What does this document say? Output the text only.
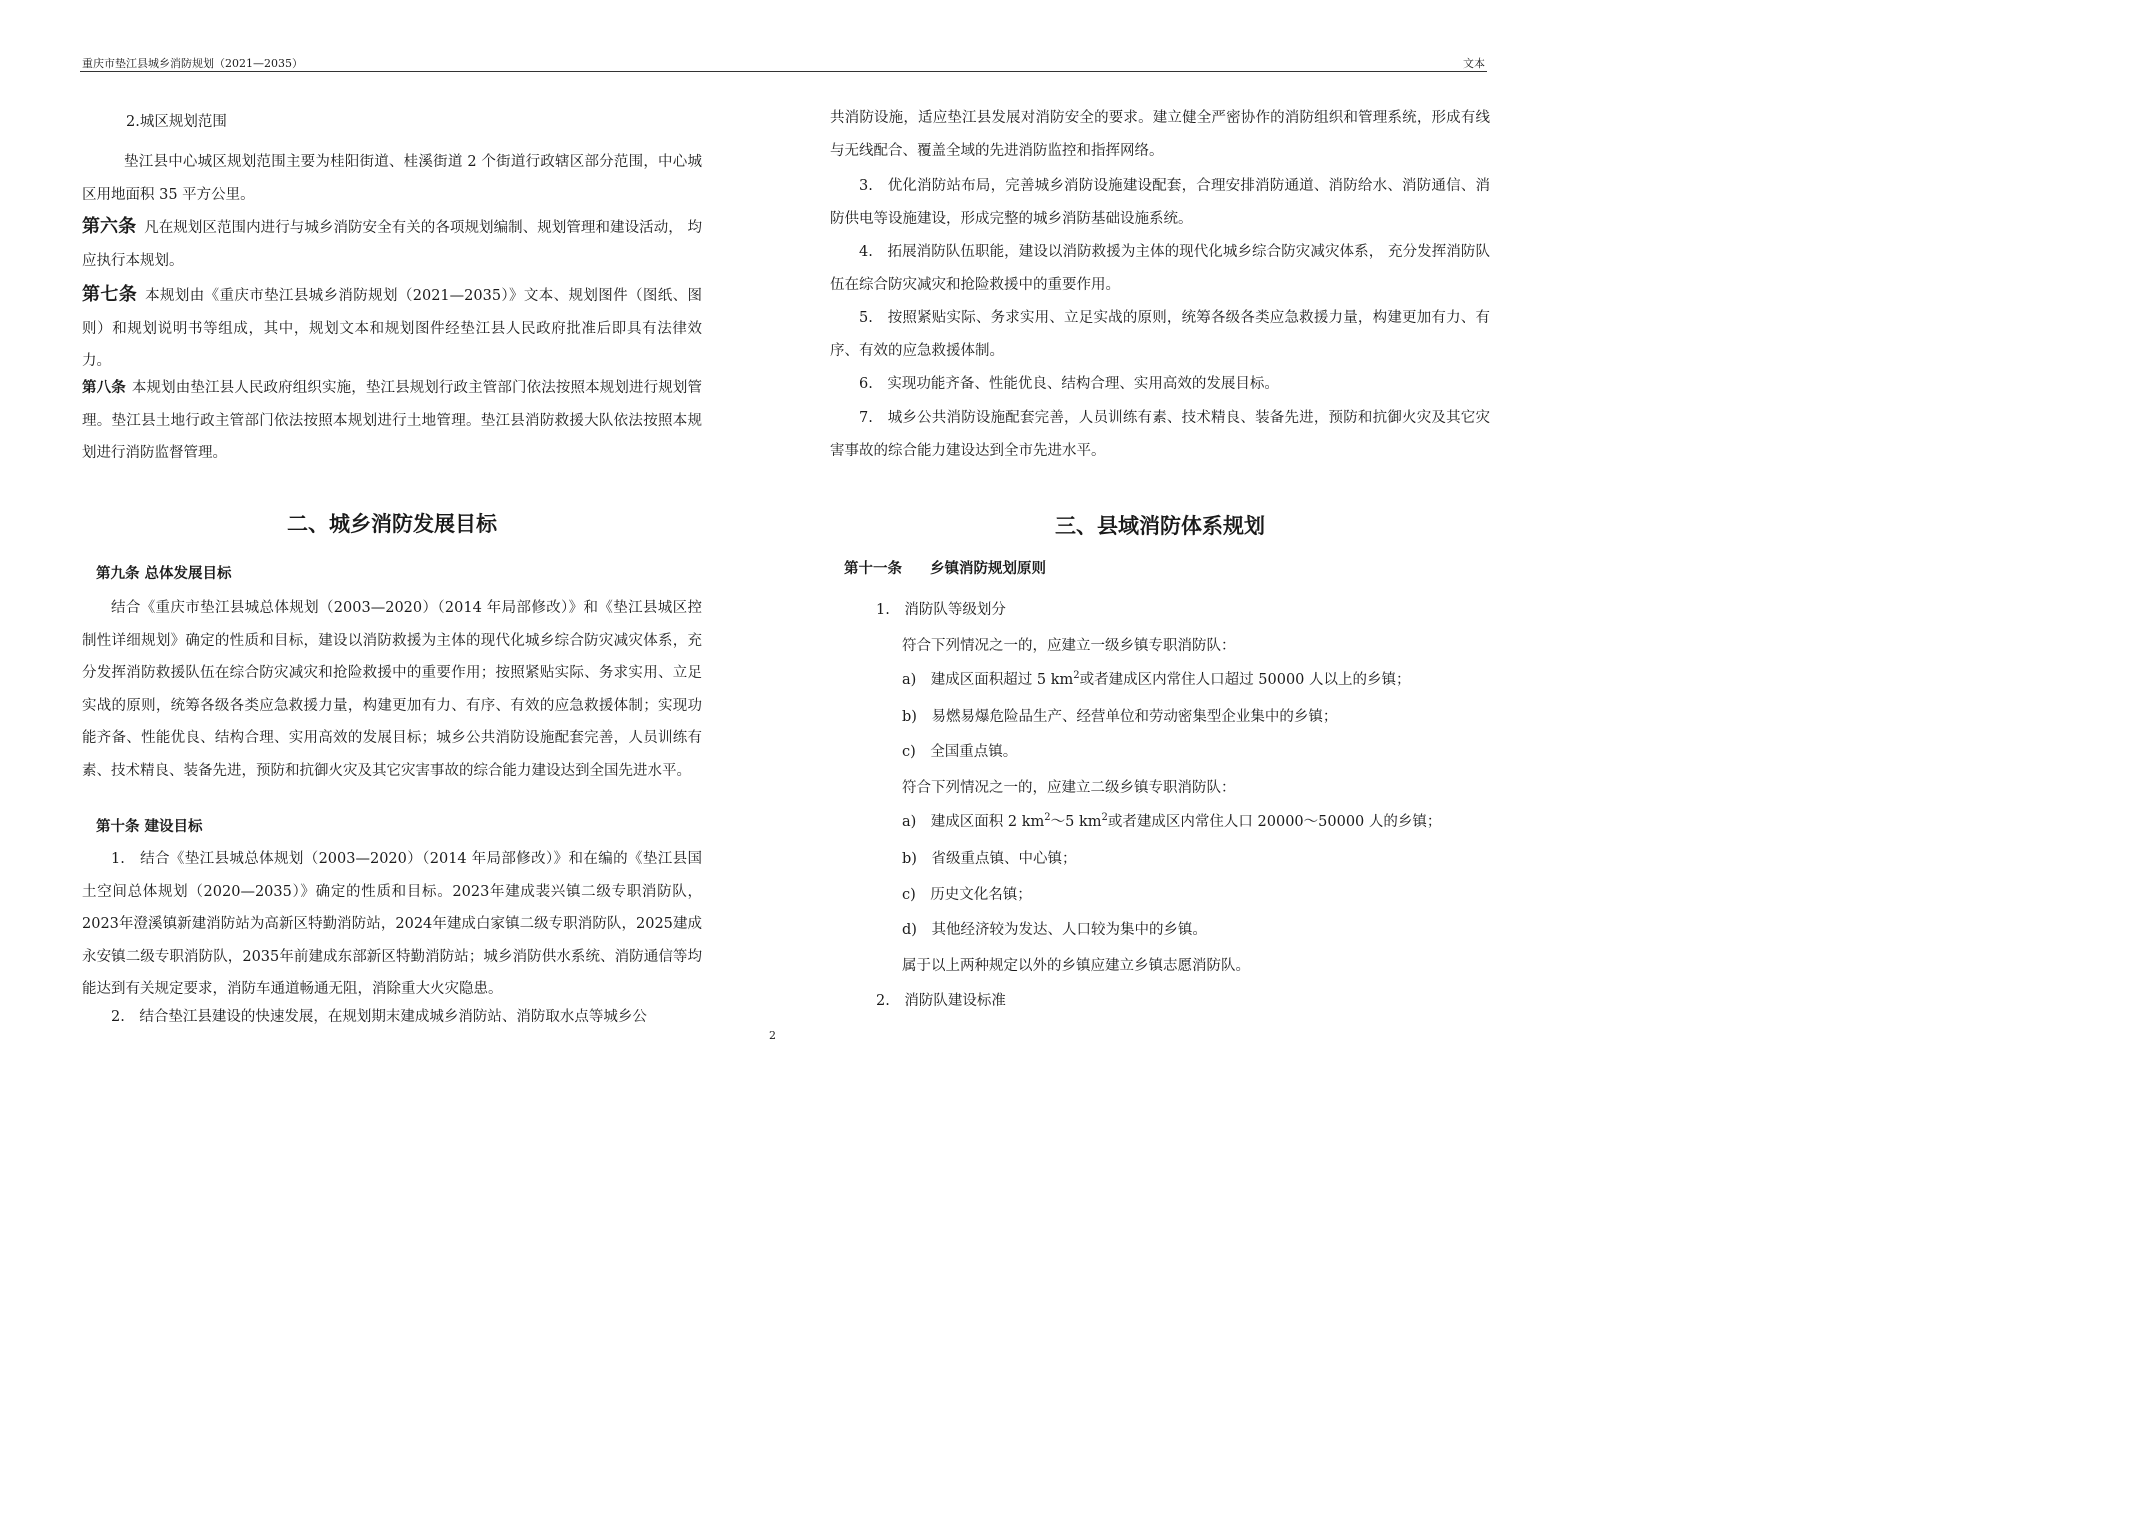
重庆市垫江县城乡消防规划（2021—2035）	文本

2.城区规划范围

垫江县中心城区规划范围主要为桂阳街道、桂溪街道 2 个街道行政辖区部分范围，中心城区用地面积 35 平方公里。

第六条 凡在规划区范围内进行与城乡消防安全有关的各项规划编制、规划管理和建设活动， 均应执行本规划。

第七条 本规划由《重庆市垫江县城乡消防规划（2021—2035）》文本、规划图件（图纸、图则）和规划说明书等组成，其中，规划文本和规划图件经垫江县人民政府批准后即具有法律效力。

第八条 本规划由垫江县人民政府组织实施，垫江县规划行政主管部门依法按照本规划进行规划管理。垫江县土地行政主管部门依法按照本规划进行土地管理。垫江县消防救援大队依法按照本规划进行消防监督管理。

二、城乡消防发展目标
第九条 总体发展目标

结合《重庆市垫江县城总体规划（2003—2020）（2014 年局部修改）》和《垫江县城区控制性详细规划》确定的性质和目标，建设以消防救援为主体的现代化城乡综合防灾减灾体系，充分发挥消防救援队伍在综合防灾减灾和抢险救援中的重要作用；按照紧贴实际、务求实用、立足实战的原则，统筹各级各类应急救援力量，构建更加有力、有序、有效的应急救援体制；实现功能齐备、性能优良、结构合理、实用高效的发展目标；城乡公共消防设施配套完善，人员训练有素、技术精良、装备先进，预防和抗御火灾及其它灾害事故的综合能力建设达到全国先进水平。

第十条 建设目标

1.　结合《垫江县城总体规划（2003—2020）（2014 年局部修改）》和在编的《垫江县国土空间总体规划（2020—2035）》确定的性质和目标。2023年建成裴兴镇二级专职消防队，2023年澄溪镇新建消防站为高新区特勤消防站，2024年建成白家镇二级专职消防队，2025建成永安镇二级专职消防队，2035年前建成东部新区特勤消防站；城乡消防供水系统、消防通信等均能达到有关规定要求，消防车通道畅通无阻，消除重大火灾隐患。

2.　结合垫江县建设的快速发展，在规划期末建成城乡消防站、消防取水点等城乡公

共消防设施，适应垫江县发展对消防安全的要求。建立健全严密协作的消防组织和管理系统，形成有线与无线配合、覆盖全域的先进消防监控和指挥网络。

3.　优化消防站布局，完善城乡消防设施建设配套，合理安排消防通道、消防给水、消防通信、消防供电等设施建设，形成完整的城乡消防基础设施系统。

4.　拓展消防队伍职能，建设以消防救援为主体的现代化城乡综合防灾减灾体系， 充分发挥消防队伍在综合防灾减灾和抢险救援中的重要作用。

5.　按照紧贴实际、务求实用、立足实战的原则，统筹各级各类应急救援力量，构建更加有力、有序、有效的应急救援体制。

6.　实现功能齐备、性能优良、结构合理、实用高效的发展目标。

7.　城乡公共消防设施配套完善，人员训练有素、技术精良、装备先进，预防和抗御火灾及其它灾害事故的综合能力建设达到全市先进水平。

三、县域消防体系规划
第十一条 乡镇消防规划原则
1.　消防队等级划分
符合下列情况之一的，应建立一级乡镇专职消防队：
a)　建成区面积超过 5 $km^2$或者建成区内常住人口超过 50000 人以上的乡镇；
b)　易燃易爆危险品生产、经营单位和劳动密集型企业集中的乡镇；
c)　全国重点镇。
符合下列情况之一的，应建立二级乡镇专职消防队：
a)　建成区面积 2 $km^2\sim 5$ $km^2$或者建成区内常住人口 20000～50000 人的乡镇；
b)　省级重点镇、中心镇；
c)　历史文化名镇；
d)　其他经济较为发达、人口较为集中的乡镇。
属于以上两种规定以外的乡镇应建立乡镇志愿消防队。
2.　消防队建设标准
2
